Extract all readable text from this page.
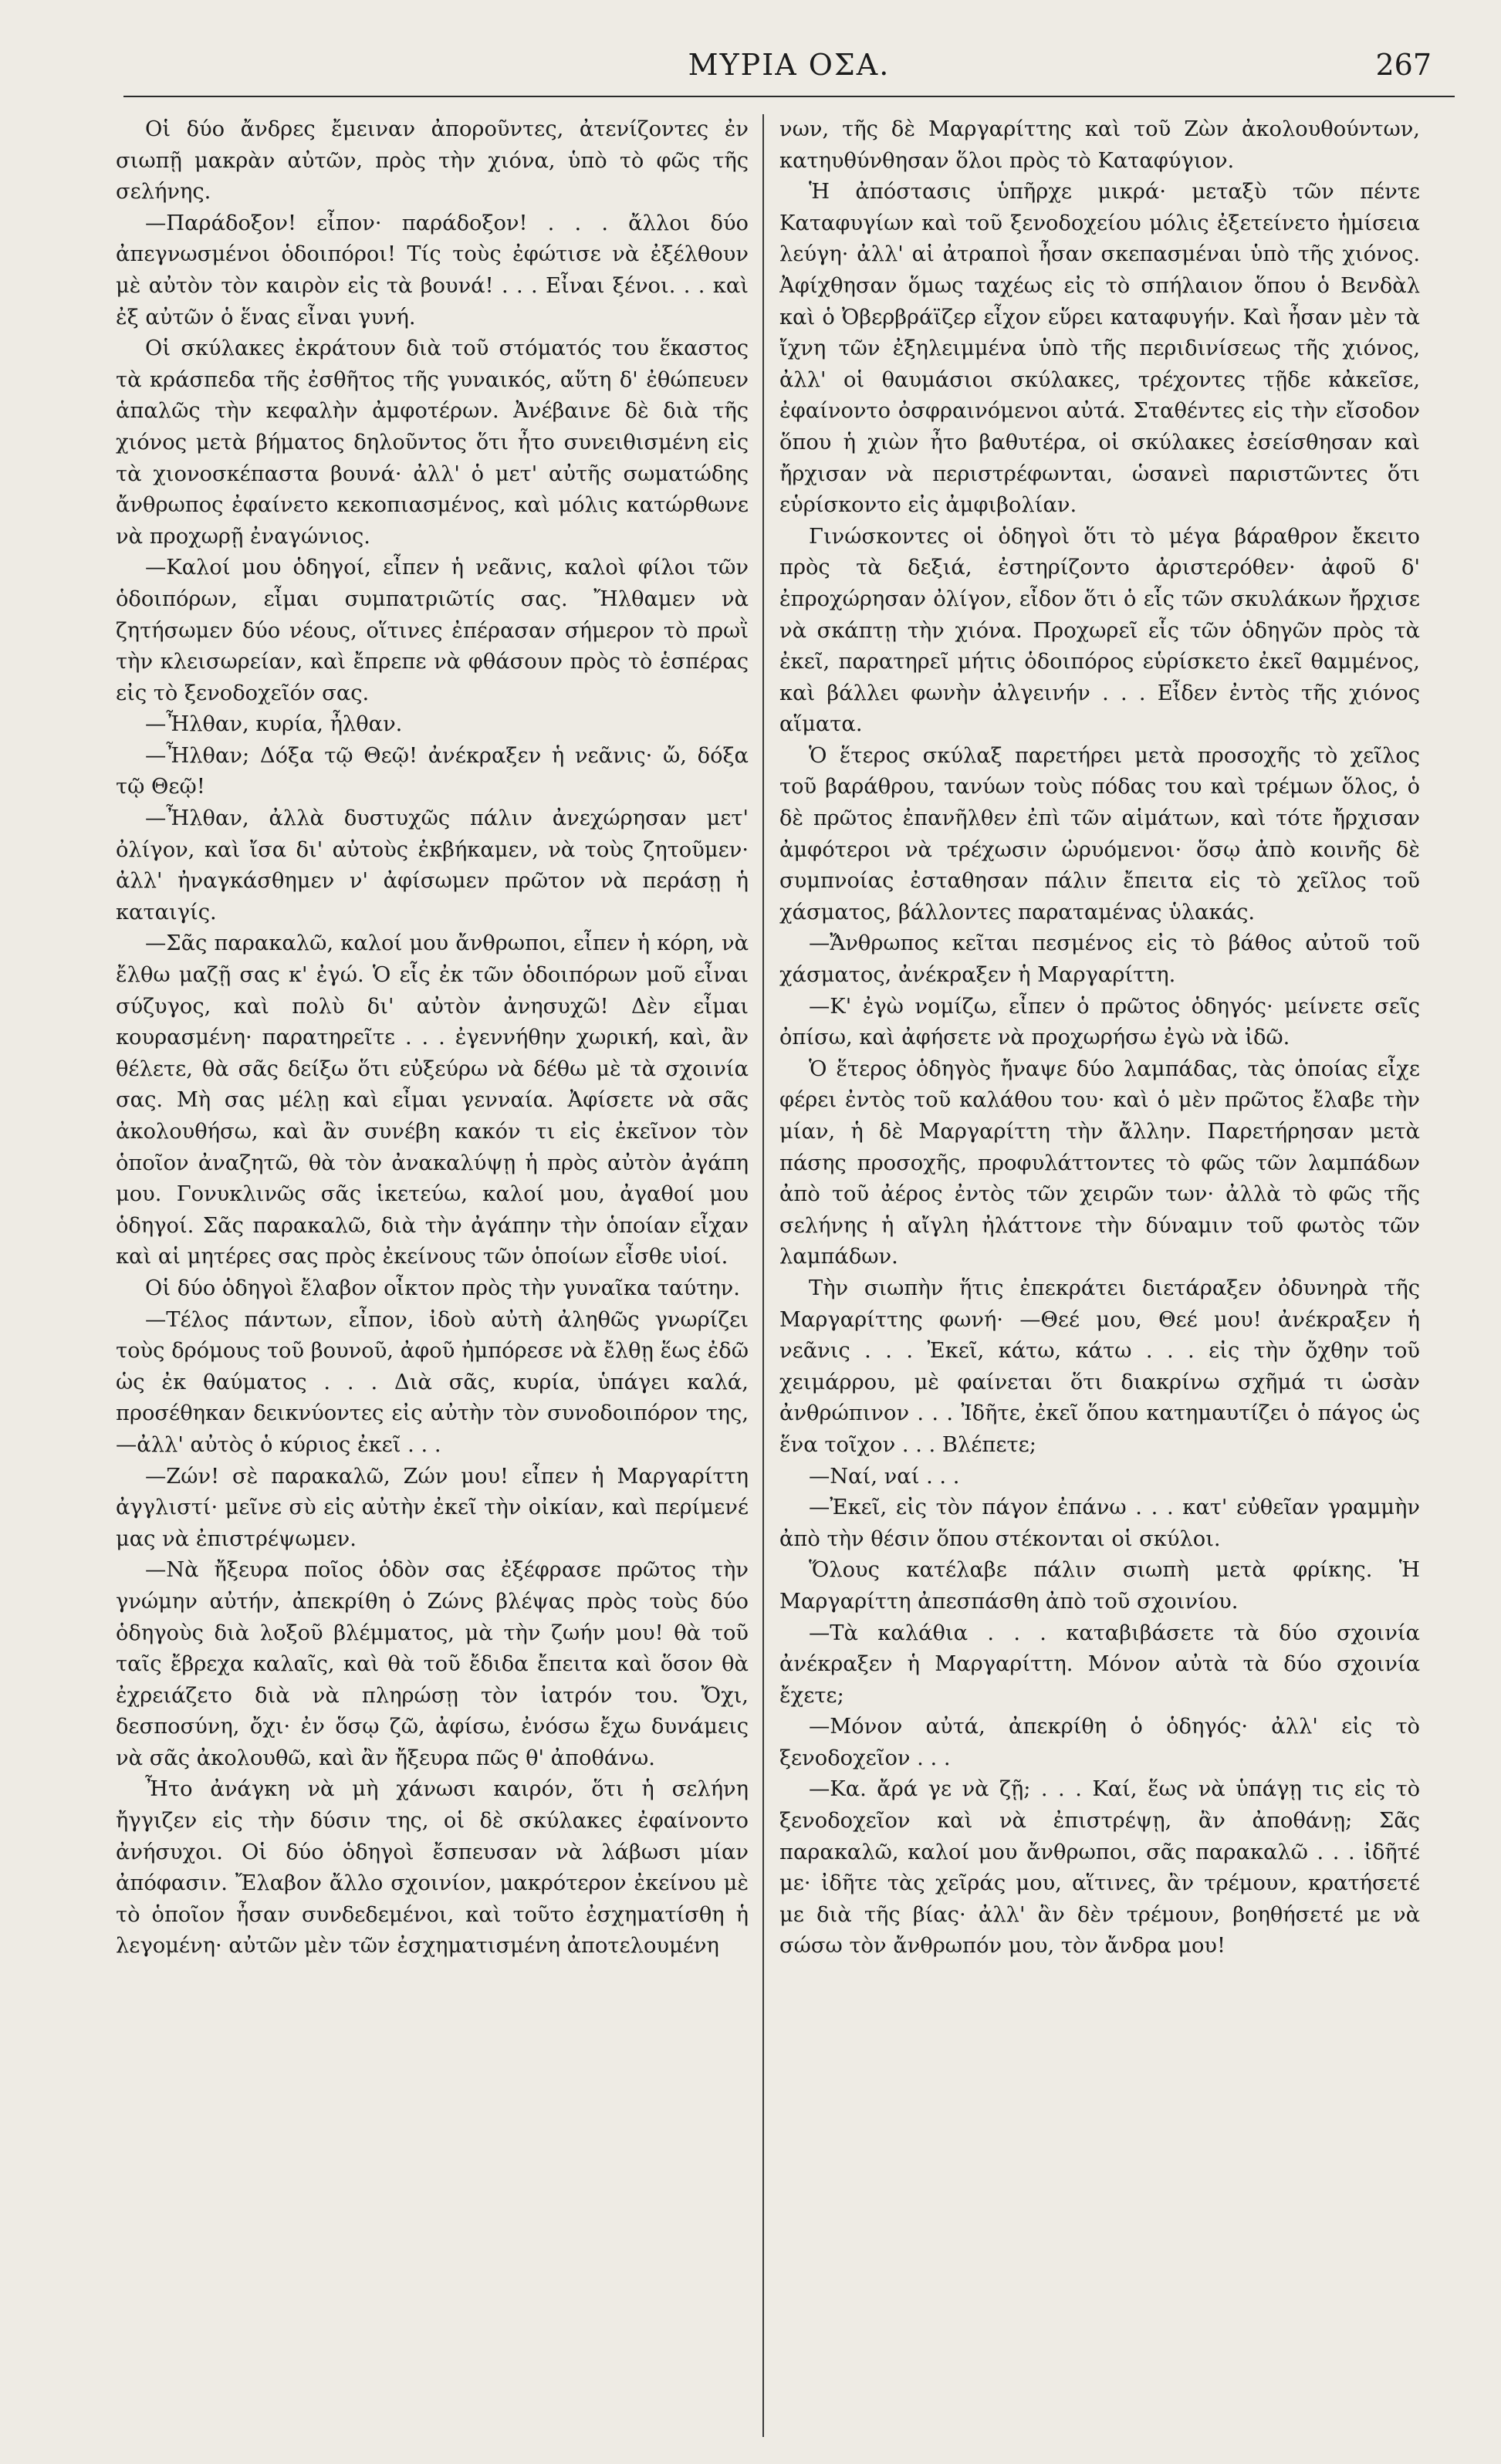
ΜΥΡΙΑ ΟΣΑ.	267

Οἱ δύο ἄνδρες ἔμειναν ἀποροῦντες, ἀτενίζοντες ἐν σιωπῇ μακρὰν αὐτῶν, πρὸς τὴν χιόνα, ὑπὸ τὸ φῶς τῆς σελήνης.

—Παράδοξον! εἶπον· παράδοξον! . . . ἄλλοι δύο ἀπεγνωσμένοι ὁδοιπόροι! Τίς τοὺς ἐφώτισε νὰ ἐξέλθουν μὲ αὐτὸν τὸν καιρὸν εἰς τὰ βουνά! . . . Εἶναι ξένοι. . . καὶ ἐξ αὐτῶν ὁ ἕνας εἶναι γυνή.

Οἱ σκύλακες ἐκράτουν διὰ τοῦ στόματός του ἕκαστος τὰ κράσπεδα τῆς ἐσθῆτος τῆς γυναικός, αὕτη δ' ἐθώπευεν ἁπαλῶς τὴν κεφαλὴν ἀμφοτέρων. Ἀνέβαινε δὲ διὰ τῆς χιόνος μετὰ βήματος δηλοῦντος ὅτι ἦτο συνειθισμένη εἰς τὰ χιονοσκέπαστα βουνά· ἀλλ' ὁ μετ' αὐτῆς σωματώδης ἄνθρωπος ἐφαίνετο κεκοπιασμένος, καὶ μόλις κατώρθωνε νὰ προχωρῇ ἐναγώνιος.

—Καλοί μου ὁδηγοί, εἶπεν ἡ νεᾶνις, καλοὶ φίλοι τῶν ὁδοιπόρων, εἶμαι συμπατριῶτίς σας. Ἤλθαμεν νὰ ζητήσωμεν δύο νέους, οἵτινες ἐπέρασαν σήμερον τὸ πρωῒ τὴν κλεισωρείαν, καὶ ἔπρεπε νὰ φθάσουν πρὸς τὸ ἑσπέρας εἰς τὸ ξενοδοχεῖόν σας.

—Ἦλθαν, κυρία, ἦλθαν.

—Ἦλθαν; Δόξα τῷ Θεῷ! ἀνέκραξεν ἡ νεᾶνις· ὤ, δόξα τῷ Θεῷ!

—Ἦλθαν, ἀλλὰ δυστυχῶς πάλιν ἀνεχώρησαν μετ' ὀλίγον, καὶ ἴσα δι' αὐτοὺς ἐκβήκαμεν, νὰ τοὺς ζητοῦμεν· ἀλλ' ἠναγκάσθημεν ν' ἀφίσωμεν πρῶτον νὰ περάσῃ ἡ καταιγίς.

—Σᾶς παρακαλῶ, καλοί μου ἄνθρωποι, εἶπεν ἡ κόρη, νὰ ἔλθω μαζῇ σας κ' ἐγώ. Ὁ εἷς ἐκ τῶν ὁδοιπόρων μοῦ εἶναι σύζυγος, καὶ πολὺ δι' αὐτὸν ἀνησυχῶ! Δὲν εἶμαι κουρασμένη· παρατηρεῖτε . . . ἐγεννήθην χωρική, καὶ, ἂν θέλετε, θὰ σᾶς δείξω ὅτι εὐξεύρω νὰ δέθω μὲ τὰ σχοινία σας. Μὴ σας μέλῃ καὶ εἶμαι γενναία. Ἀφίσετε νὰ σᾶς ἀκολουθήσω, καὶ ἂν συνέβη κακόν τι εἰς ἐκεῖνον τὸν ὁποῖον ἀναζητῶ, θὰ τὸν ἀνακαλύψῃ ἡ πρὸς αὐτὸν ἀγάπη μου. Γονυκλινῶς σᾶς ἱκετεύω, καλοί μου, ἀγαθοί μου ὁδηγοί. Σᾶς παρακαλῶ, διὰ τὴν ἀγάπην τὴν ὁποίαν εἶχαν καὶ αἱ μητέρες σας πρὸς ἐκείνους τῶν ὁποίων εἶσθε υἱοί.

Οἱ δύο ὁδηγοὶ ἔλαβον οἶκτον πρὸς τὴν γυναῖκα ταύτην.

—Τέλος πάντων, εἶπον, ἰδοὺ αὐτὴ ἀληθῶς γνωρίζει τοὺς δρόμους τοῦ βουνοῦ, ἀφοῦ ἠμπόρεσε νὰ ἔλθῃ ἕως ἐδῶ ὡς ἐκ θαύματος . . . Διὰ σᾶς, κυρία, ὑπάγει καλά, προσέθηκαν δεικνύοντες εἰς αὐτὴν τὸν συνοδοιπόρον της, —ἀλλ' αὐτὸς ὁ κύριος ἐκεῖ . . .

—Ζών! σὲ παρακαλῶ, Ζών μου! εἶπεν ἡ Μαργαρίττη ἀγγλιστί· μεῖνε σὺ εἰς αὐτὴν ἐκεῖ τὴν οἰκίαν, καὶ περίμενέ μας νὰ ἐπιστρέψωμεν.

—Νὰ ἤξευρα ποῖος ὁδὸν σας ἐξέφρασε πρῶτος τὴν γνώμην αὐτήν, ἀπεκρίθη ὁ Ζώνς βλέψας πρὸς τοὺς δύο ὁδηγοὺς διὰ λοξοῦ βλέμματος, μὰ τὴν ζωήν μου! θὰ τοῦ ταῖς ἔβρεχα καλαῖς, καὶ θὰ τοῦ ἔδιδα ἔπειτα καὶ ὅσον θὰ ἐχρειάζετο διὰ νὰ πληρώσῃ τὸν ἰατρόν του. Ὄχι, δεσποσύνη, ὄχι· ἐν ὅσῳ ζῶ, ἀφίσω, ἐνόσω ἔχω δυνάμεις νὰ σᾶς ἀκολουθῶ, καὶ ἂν ἤξευρα πῶς θ' ἀποθάνω.

Ἦτο ἀνάγκη νὰ μὴ χάνωσι καιρόν, ὅτι ἡ σελήνη ἤγγιζεν εἰς τὴν δύσιν της, οἱ δὲ σκύλακες ἐφαίνοντο ἀνήσυχοι. Οἱ δύο ὁδηγοὶ ἔσπευσαν νὰ λάβωσι μίαν ἀπόφασιν. Ἔλαβον ἄλλο σχοινίον, μακρότερον ἐκείνου μὲ τὸ ὁποῖον ἦσαν συνδεδεμένοι, καὶ τοῦτο ἐσχηματίσθη ἡ λεγομένη· αὐτῶν μὲν τῶν ἐσχηματισμένη ἀποτελουμένη

νων, τῆς δὲ Μαργαρίττης καὶ τοῦ Ζὼν ἀκολουθούντων, κατηυθύνθησαν ὅλοι πρὸς τὸ Καταφύγιον.

Ἡ ἀπόστασις ὑπῆρχε μικρά· μεταξὺ τῶν πέντε Καταφυγίων καὶ τοῦ ξενοδοχείου μόλις ἐξετείνετο ἡμίσεια λεύγη· ἀλλ' αἱ ἀτραποὶ ἦσαν σκεπασμέναι ὑπὸ τῆς χιόνος. Ἀφίχθησαν ὅμως ταχέως εἰς τὸ σπήλαιον ὅπου ὁ Βενδὰλ καὶ ὁ Ὀβερβράϊζερ εἶχον εὕρει καταφυγήν. Καὶ ἦσαν μὲν τὰ ἴχνη τῶν ἐξηλειμμένα ὑπὸ τῆς περιδινίσεως τῆς χιόνος, ἀλλ' οἱ θαυμάσιοι σκύλακες, τρέχοντες τῇδε κἀκεῖσε, ἐφαίνοντο ὀσφραινόμενοι αὐτά. Σταθέντες εἰς τὴν εἴσοδον ὅπου ἡ χιὼν ἦτο βαθυτέρα, οἱ σκύλακες ἐσείσθησαν καὶ ἤρχισαν νὰ περιστρέφωνται, ὡσανεὶ παριστῶντες ὅτι εὑρίσκοντο εἰς ἀμφιβολίαν.

Γινώσκοντες οἱ ὁδηγοὶ ὅτι τὸ μέγα βάραθρον ἔκειτο πρὸς τὰ δεξιά, ἐστηρίζοντο ἀριστερόθεν· ἀφοῦ δ' ἐπροχώρησαν ὀλίγον, εἶδον ὅτι ὁ εἷς τῶν σκυλάκων ἤρχισε νὰ σκάπτῃ τὴν χιόνα. Προχωρεῖ εἷς τῶν ὁδηγῶν πρὸς τὰ ἐκεῖ, παρατηρεῖ μήτις ὁδοιπόρος εὑρίσκετο ἐκεῖ θαμμένος, καὶ βάλλει φωνὴν ἀλγεινήν . . . Εἶδεν ἐντὸς τῆς χιόνος αἵματα.

Ὁ ἕτερος σκύλαξ παρετήρει μετὰ προσοχῆς τὸ χεῖλος τοῦ βαράθρου, τανύων τοὺς πόδας του καὶ τρέμων ὅλος, ὁ δὲ πρῶτος ἐπανῆλθεν ἐπὶ τῶν αἱμάτων, καὶ τότε ἤρχισαν ἀμφότεροι νὰ τρέχωσιν ὠρυόμενοι· ὅσῳ ἀπὸ κοινῆς δὲ συμπνοίας ἐσταθησαν πάλιν ἔπειτα εἰς τὸ χεῖλος τοῦ χάσματος, βάλλοντες παραταμένας ὑλακάς.

—Ἄνθρωπος κεῖται πεσμένος εἰς τὸ βάθος αὐτοῦ τοῦ χάσματος, ἀνέκραξεν ἡ Μαργαρίττη.

—Κ' ἐγὼ νομίζω, εἶπεν ὁ πρῶτος ὁδηγός· μείνετε σεῖς ὀπίσω, καὶ ἀφήσετε νὰ προχωρήσω ἐγὼ νὰ ἰδῶ.

Ὁ ἕτερος ὁδηγὸς ἤναψε δύο λαμπάδας, τὰς ὁποίας εἶχε φέρει ἐντὸς τοῦ καλάθου του· καὶ ὁ μὲν πρῶτος ἔλαβε τὴν μίαν, ἡ δὲ Μαργαρίττη τὴν ἄλλην. Παρετήρησαν μετὰ πάσης προσοχῆς, προφυλάττοντες τὸ φῶς τῶν λαμπάδων ἀπὸ τοῦ ἀέρος ἐντὸς τῶν χειρῶν των· ἀλλὰ τὸ φῶς τῆς σελήνης ἡ αἴγλη ἠλάττονε τὴν δύναμιν τοῦ φωτὸς τῶν λαμπάδων.

Τὴν σιωπὴν ἥτις ἐπεκράτει διετάραξεν ὀδυνηρὰ τῆς Μαργαρίττης φωνή· —Θεέ μου, Θεέ μου! ἀνέκραξεν ἡ νεᾶνις . . . Ἐκεῖ, κάτω, κάτω . . . εἰς τὴν ὄχθην τοῦ χειμάρρου, μὲ φαίνεται ὅτι διακρίνω σχῆμά τι ὡσὰν ἀνθρώπινον . . . Ἰδῆτε, ἐκεῖ ὅπου κατημαυτίζει ὁ πάγος ὡς ἕνα τοῖχον . . . Βλέπετε;

—Ναί, ναί . . .

—Ἐκεῖ, εἰς τὸν πάγον ἐπάνω . . . κατ' εὐθεῖαν γραμμὴν ἀπὸ τὴν θέσιν ὅπου στέκονται οἱ σκύλοι.

Ὅλους κατέλαβε πάλιν σιωπὴ μετὰ φρίκης. Ἡ Μαργαρίττη ἀπεσπάσθη ἀπὸ τοῦ σχοινίου.

—Τὰ καλάθια . . . καταβιβάσετε τὰ δύο σχοινία ἀνέκραξεν ἡ Μαργαρίττη. Μόνον αὐτὰ τὰ δύο σχοινία ἔχετε;

—Μόνον αὐτά, ἀπεκρίθη ὁ ὁδηγός· ἀλλ' εἰς τὸ ξενοδοχεῖον . . .

—Κα. ἄρά γε νὰ ζῇ; . . . Καί, ἕως νὰ ὑπάγῃ τις εἰς τὸ ξενοδοχεῖον καὶ νὰ ἐπιστρέψῃ, ἂν ἀποθάνῃ; Σᾶς παρακαλῶ, καλοί μου ἄνθρωποι, σᾶς παρακαλῶ . . . ἰδῆτέ με· ἰδῆτε τὰς χεῖράς μου, αἵτινες, ἂν τρέμουν, κρατήσετέ με διὰ τῆς βίας· ἀλλ' ἂν δὲν τρέμουν, βοηθήσετέ με νὰ σώσω τὸν ἄνθρωπόν μου, τὸν ἄνδρα μου!
